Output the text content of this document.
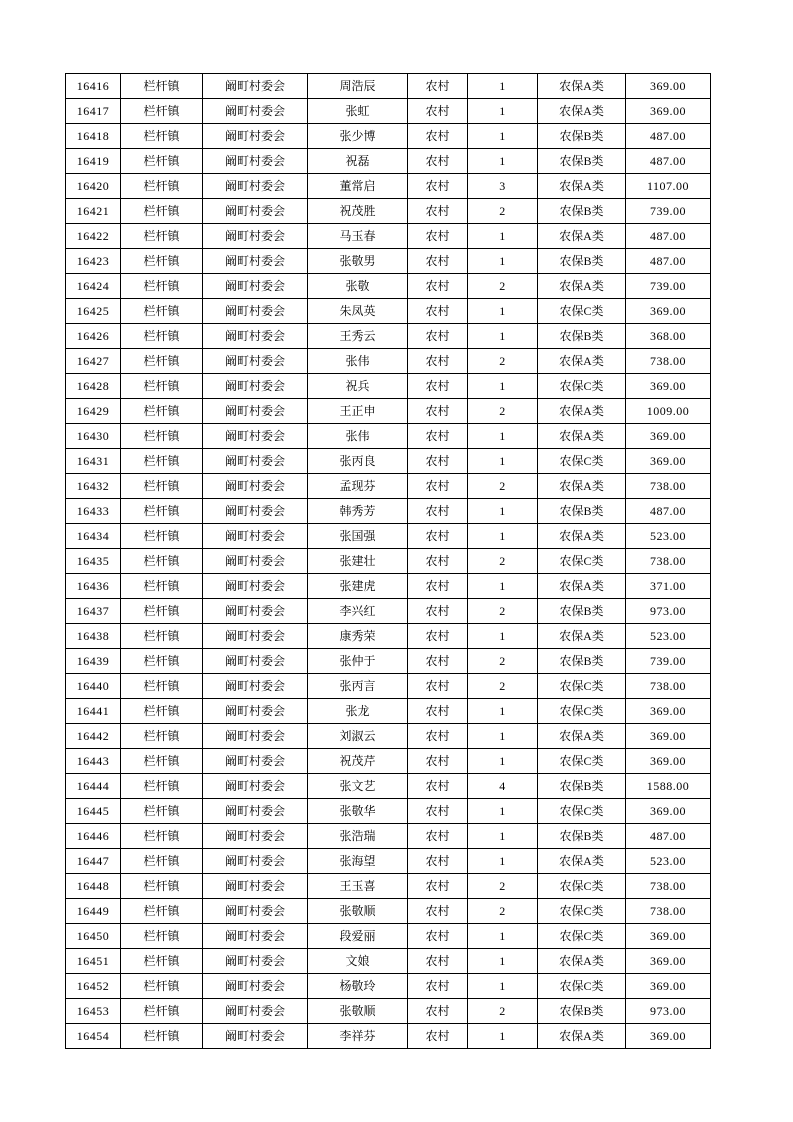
16416	栏杆镇	阚町村委会	周浩辰	农村	1	农保A类	369.00
16417	栏杆镇	阚町村委会	张虹	农村	1	农保A类	369.00
16418	栏杆镇	阚町村委会	张少博	农村	1	农保B类	487.00
16419	栏杆镇	阚町村委会	祝磊	农村	1	农保B类	487.00
16420	栏杆镇	阚町村委会	董常启	农村	3	农保A类	1107.00
16421	栏杆镇	阚町村委会	祝茂胜	农村	2	农保B类	739.00
16422	栏杆镇	阚町村委会	马玉春	农村	1	农保A类	487.00
16423	栏杆镇	阚町村委会	张敬男	农村	1	农保B类	487.00
16424	栏杆镇	阚町村委会	张敬	农村	2	农保A类	739.00
16425	栏杆镇	阚町村委会	朱凤英	农村	1	农保C类	369.00
16426	栏杆镇	阚町村委会	王秀云	农村	1	农保B类	368.00
16427	栏杆镇	阚町村委会	张伟	农村	2	农保A类	738.00
16428	栏杆镇	阚町村委会	祝兵	农村	1	农保C类	369.00
16429	栏杆镇	阚町村委会	王正申	农村	2	农保A类	1009.00
16430	栏杆镇	阚町村委会	张伟	农村	1	农保A类	369.00
16431	栏杆镇	阚町村委会	张丙良	农村	1	农保C类	369.00
16432	栏杆镇	阚町村委会	孟现芬	农村	2	农保A类	738.00
16433	栏杆镇	阚町村委会	韩秀芳	农村	1	农保B类	487.00
16434	栏杆镇	阚町村委会	张国强	农村	1	农保A类	523.00
16435	栏杆镇	阚町村委会	张建壮	农村	2	农保C类	738.00
16436	栏杆镇	阚町村委会	张建虎	农村	1	农保A类	371.00
16437	栏杆镇	阚町村委会	李兴红	农村	2	农保B类	973.00
16438	栏杆镇	阚町村委会	康秀荣	农村	1	农保A类	523.00
16439	栏杆镇	阚町村委会	张仲于	农村	2	农保B类	739.00
16440	栏杆镇	阚町村委会	张丙言	农村	2	农保C类	738.00
16441	栏杆镇	阚町村委会	张龙	农村	1	农保C类	369.00
16442	栏杆镇	阚町村委会	刘淑云	农村	1	农保A类	369.00
16443	栏杆镇	阚町村委会	祝茂芹	农村	1	农保C类	369.00
16444	栏杆镇	阚町村委会	张文艺	农村	4	农保B类	1588.00
16445	栏杆镇	阚町村委会	张敬华	农村	1	农保C类	369.00
16446	栏杆镇	阚町村委会	张浩瑞	农村	1	农保B类	487.00
16447	栏杆镇	阚町村委会	张海望	农村	1	农保A类	523.00
16448	栏杆镇	阚町村委会	王玉喜	农村	2	农保C类	738.00
16449	栏杆镇	阚町村委会	张敬顺	农村	2	农保C类	738.00
16450	栏杆镇	阚町村委会	段爱丽	农村	1	农保C类	369.00
16451	栏杆镇	阚町村委会	文娘	农村	1	农保A类	369.00
16452	栏杆镇	阚町村委会	杨敬玲	农村	1	农保C类	369.00
16453	栏杆镇	阚町村委会	张敬顺	农村	2	农保B类	973.00
16454	栏杆镇	阚町村委会	李祥芬	农村	1	农保A类	369.00
